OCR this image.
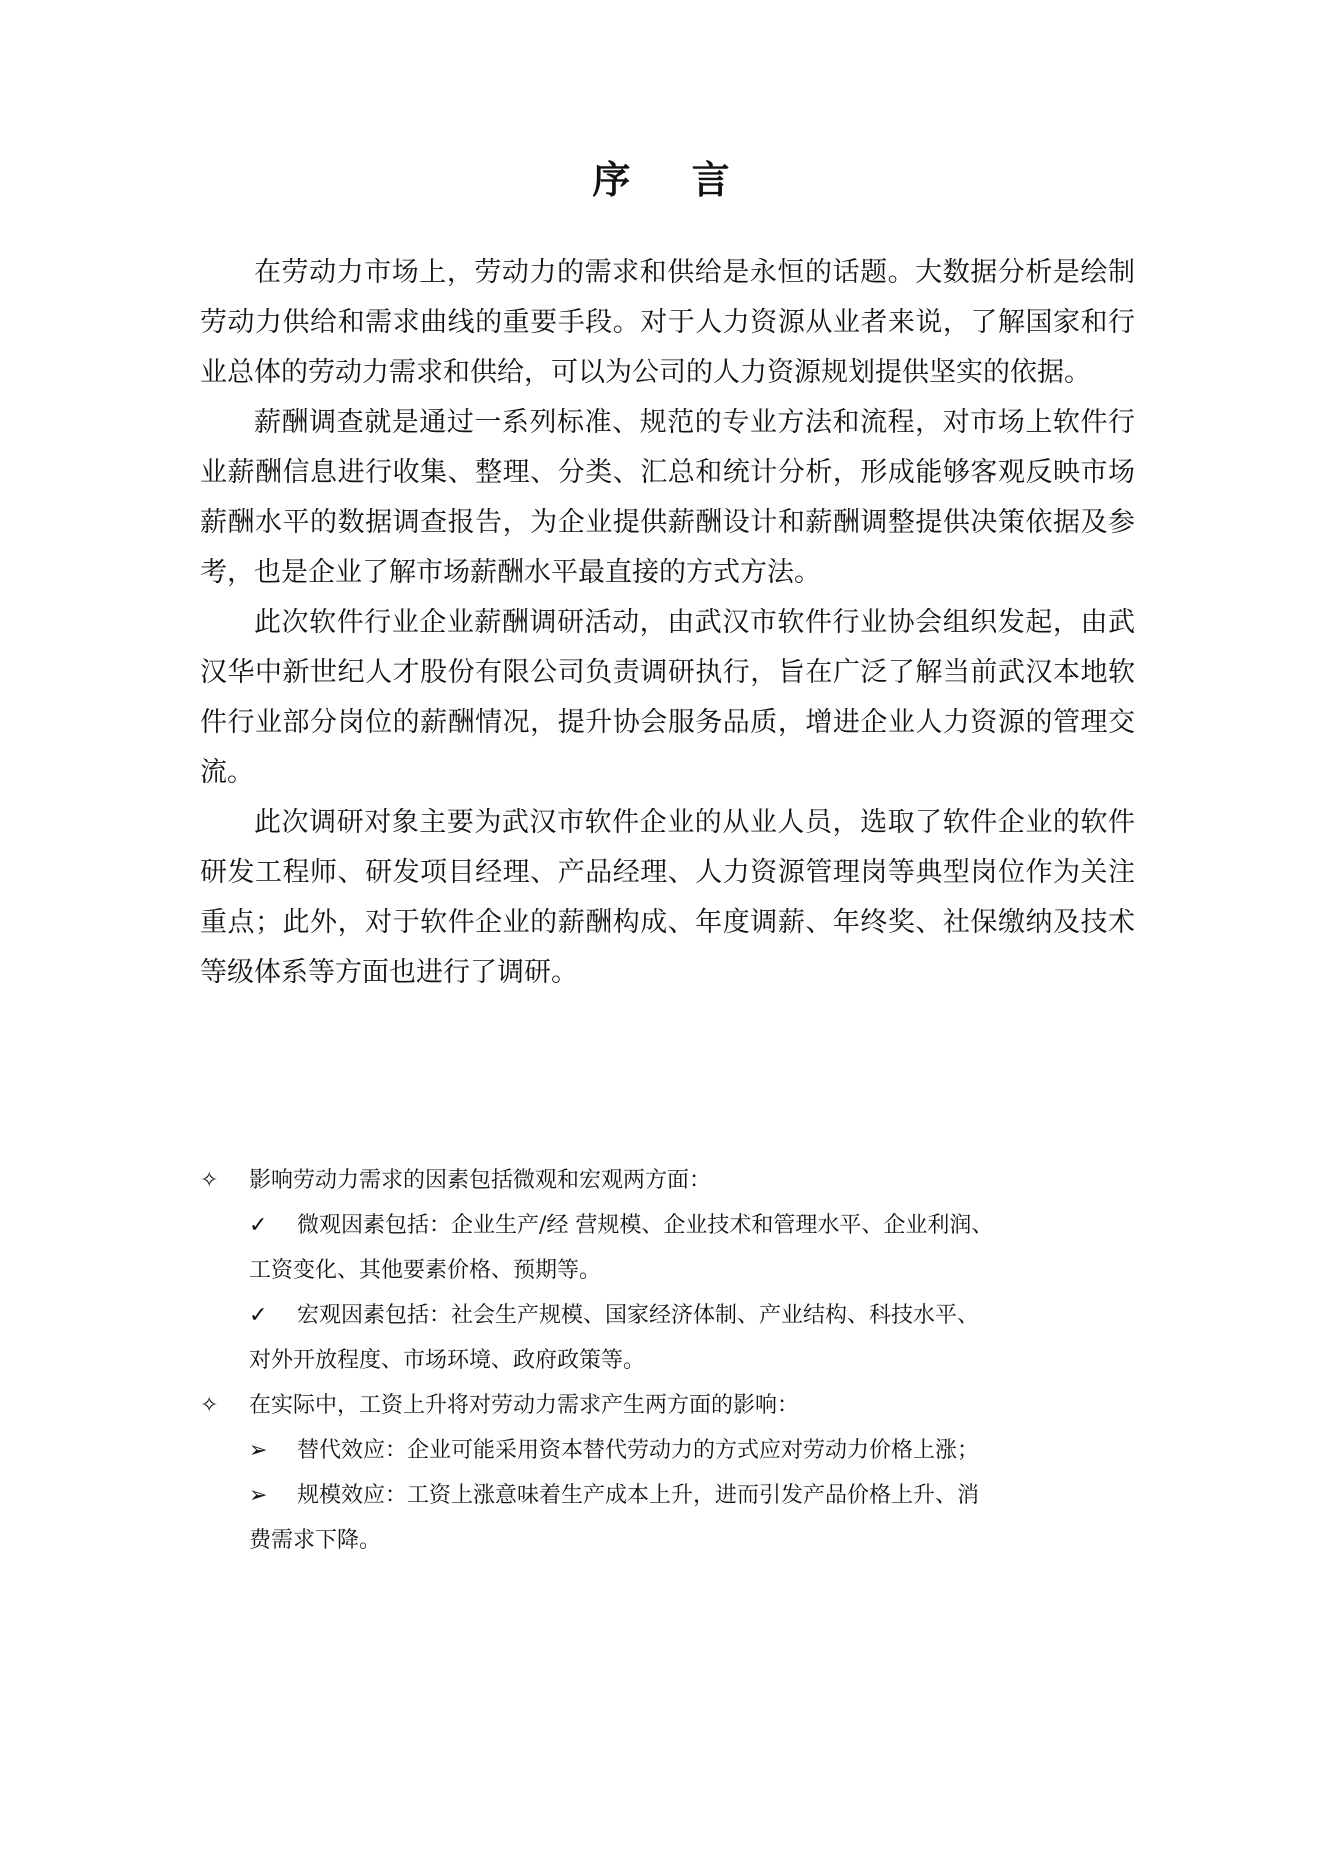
序 言

在劳动力市场上，劳动力的需求和供给是永恒的话题。大数据分析是绘制劳动力供给和需求曲线的重要手段。对于人力资源从业者来说，了解国家和行业总体的劳动力需求和供给，可以为公司的人力资源规划提供坚实的依据。

薪酬调查就是通过一系列标准、规范的专业方法和流程，对市场上软件行业薪酬信息进行收集、整理、分类、汇总和统计分析，形成能够客观反映市场薪酬水平的数据调查报告，为企业提供薪酬设计和薪酬调整提供决策依据及参考，也是企业了解市场薪酬水平最直接的方式方法。

此次软件行业企业薪酬调研活动，由武汉市软件行业协会组织发起，由武汉华中新世纪人才股份有限公司负责调研执行，旨在广泛了解当前武汉本地软件行业部分岗位的薪酬情况，提升协会服务品质，增进企业人力资源的管理交流。

此次调研对象主要为武汉市软件企业的从业人员，选取了软件企业的软件研发工程师、研发项目经理、产品经理、人力资源管理岗等典型岗位作为关注重点；此外，对于软件企业的薪酬构成、年度调薪、年终奖、社保缴纳及技术等级体系等方面也进行了调研。

✧	影响劳动力需求的因素包括微观和宏观两方面：
✓	微观因素包括：企业生产/经 营规模、企业技术和管理水平、企业利润、
工资变化、其他要素价格、预期等。
✓	宏观因素包括：社会生产规模、国家经济体制、产业结构、科技水平、
对外开放程度、市场环境、政府政策等。
✧	在实际中，工资上升将对劳动力需求产生两方面的影响：
➢	替代效应：企业可能采用资本替代劳动力的方式应对劳动力价格上涨；
➢	规模效应：工资上涨意味着生产成本上升，进而引发产品价格上升、消
费需求下降。
